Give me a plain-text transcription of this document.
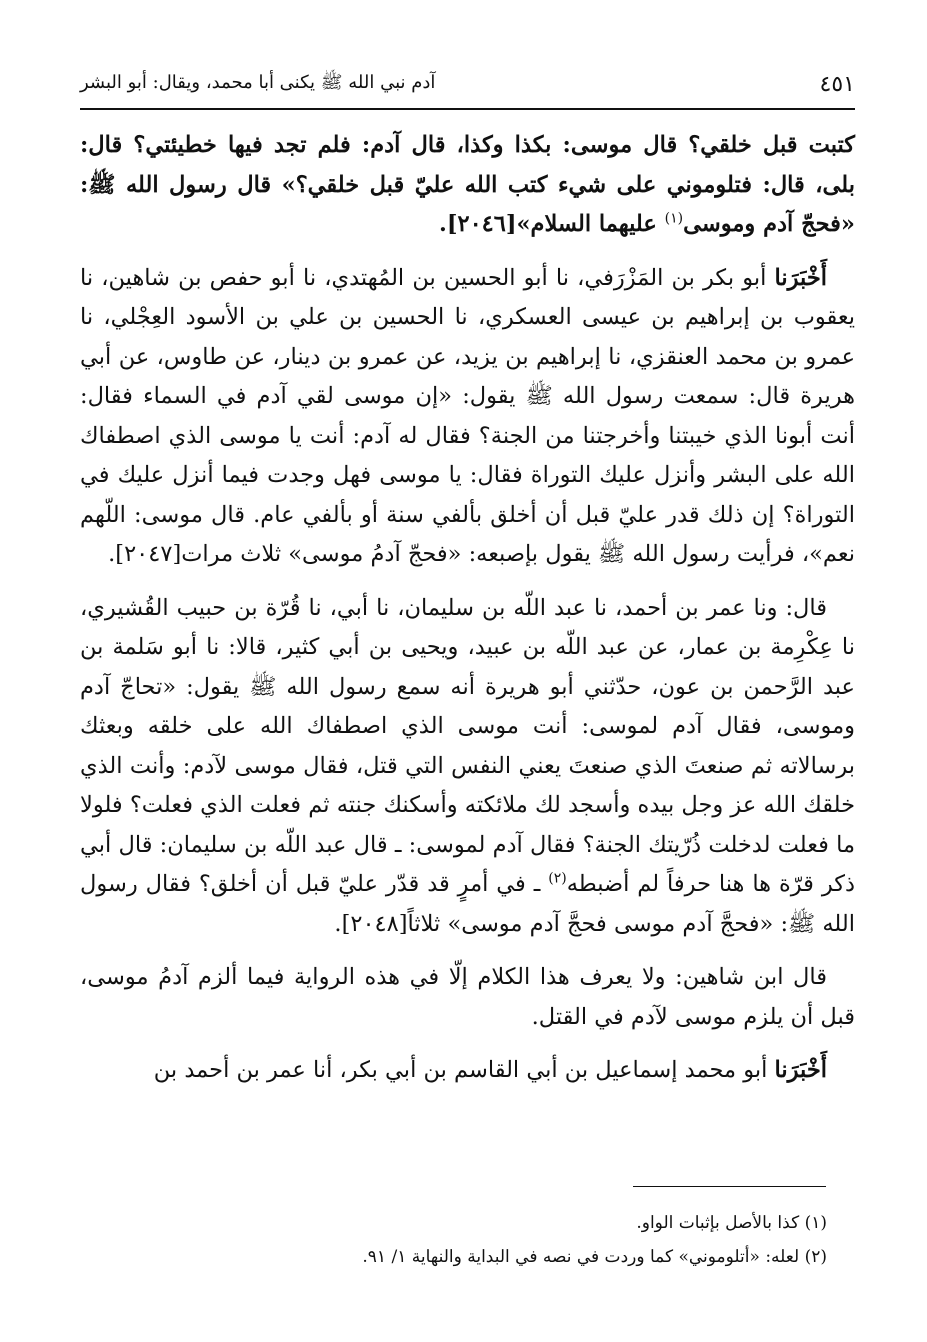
٤٥١
آدم نبي الله ﷺ يكنى أبا محمد، ويقال: أبو البشر

كتبت قبل خلقي؟ قال موسى: بكذا وكذا، قال آدم: فلم تجد فيها خطيئتي؟ قال: بلى، قال: فتلوموني على شيء كتب الله عليّ قبل خلقي؟» قال رسول الله ﷺ: «فحجّ آدم وموسى$^{(١)}$ عليهما السلام»[٢٠٤٦].

أَخْبَرَنا أبو بكر بن المَزْرَفي، نا أبو الحسين بن المُهتدي، نا أبو حفص بن شاهين، نا يعقوب بن إبراهيم بن عيسى العسكري، نا الحسين بن علي بن الأسود العِجْلي، نا عمرو بن محمد العنقزي، نا إبراهيم بن يزيد، عن عمرو بن دينار، عن طاوس، عن أبي هريرة قال: سمعت رسول الله ﷺ يقول: «إن موسى لقي آدم في السماء فقال: أنت أبونا الذي خيبتنا وأخرجتنا من الجنة؟ فقال له آدم: أنت يا موسى الذي اصطفاك الله على البشر وأنزل عليك التوراة فقال: يا موسى فهل وجدت فيما أنزل عليك في التوراة؟ إن ذلك قدر عليّ قبل أن أخلق بألفي سنة أو بألفي عام. قال موسى: اللّهم نعم»، فرأيت رسول الله ﷺ يقول بإصبعه: «فحجّ آدمُ موسى» ثلاث مرات[٢٠٤٧].

قال: ونا عمر بن أحمد، نا عبد اللّه بن سليمان، نا أبي، نا قُرّة بن حبيب القُشيري، نا عِكْرِمة بن عمار، عن عبد اللّه بن عبيد، ويحيى بن أبي كثير، قالا: نا أبو سَلمة بن عبد الرَّحمن بن عون، حدّثني أبو هريرة أنه سمع رسول الله ﷺ يقول: «تحاجّ آدم وموسى، فقال آدم لموسى: أنت موسى الذي اصطفاك الله على خلقه وبعثك برسالاته ثم صنعتَ الذي صنعتَ يعني النفس التي قتل، فقال موسى لآدم: وأنت الذي خلقك الله عز وجل بيده وأسجد لك ملائكته وأسكنك جنته ثم فعلت الذي فعلت؟ فلولا ما فعلت لدخلت ذُرّيتك الجنة؟ فقال آدم لموسى: ـ قال عبد اللّه بن سليمان: قال أبي ذكر قرّة ها هنا حرفاً لم أضبطه$^{(٢)}$ ـ في أمرٍ قد قدّر عليّ قبل أن أخلق؟ فقال رسول الله ﷺ: «فحجَّ آدم موسى فحجَّ آدم موسى» ثلاثاً[٢٠٤٨].

قال ابن شاهين: ولا يعرف هذا الكلام إلّا في هذه الرواية فيما ألزم آدمُ موسى، قبل أن يلزم موسى لآدم في القتل.

أَخْبَرَنا أبو محمد إسماعيل بن أبي القاسم بن أبي بكر، أنا عمر بن أحمد بن

(١) كذا بالأصل بإثبات الواو.
(٢) لعله: «أتلوموني» كما وردت في نصه في البداية والنهاية ١/ ٩١.
